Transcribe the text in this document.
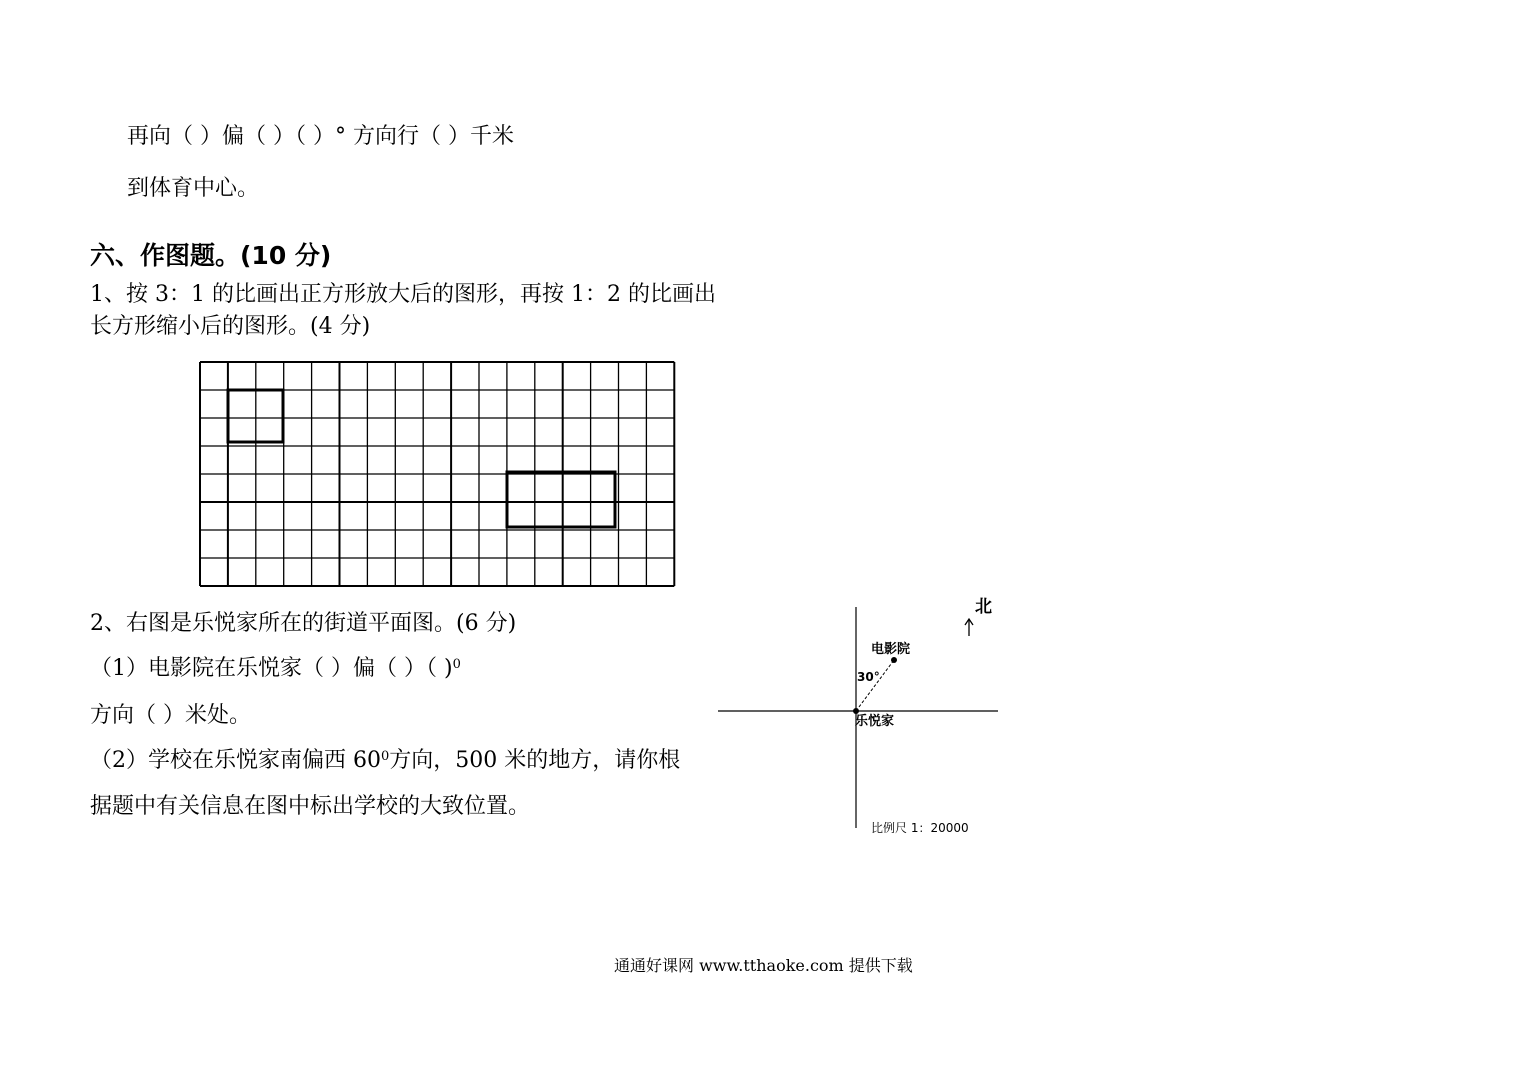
再向（ ）偏（ ）（ ）° 方向行（ ）千米
到体育中心。
六、作图题。(10 分)
1、按 3：1 的比画出正方形放大后的图形，再按 1：2 的比画出
长方形缩小后的图形。(4 分)
2、右图是乐悦家所在的街道平面图。(6 分)
（1）电影院在乐悦家（ ）偏（ ）（ )$^0$
方向（ ）米处。
（2）学校在乐悦家南偏西 $60^0$方向，500 米的地方，请你根
据题中有关信息在图中标出学校的大致位置。
北
电影院
30°
乐悦家
比例尺 1：20000
通通好课网 www.tthaoke.com 提供下载
